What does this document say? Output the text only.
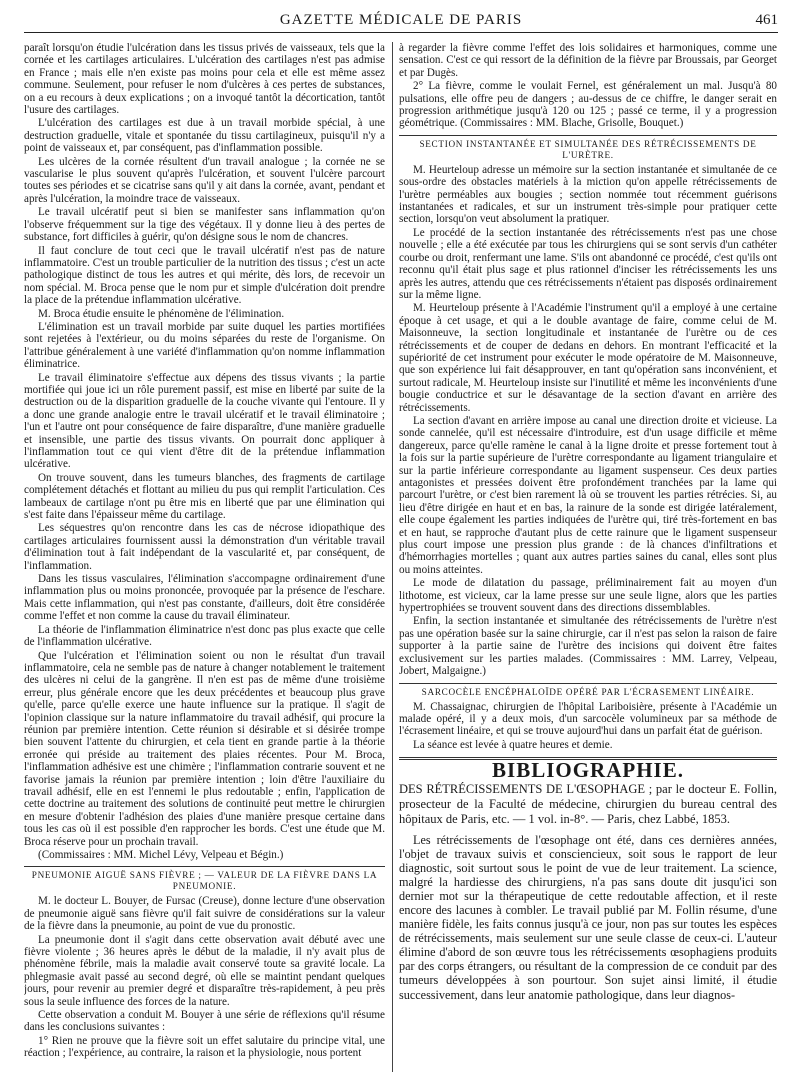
GAZETTE MÉDICALE DE PARIS	461

paraît lorsqu'on étudie l'ulcération dans les tissus privés de vaisseaux, tels que la cornée et les cartilages articulaires. L'ulcération des cartilages n'est pas admise en France ; mais elle n'en existe pas moins pour cela et elle est même assez commune. Seulement, pour refuser le nom d'ulcères à ces pertes de substances, on a eu recours à deux explications ; on a invoqué tantôt la décortication, tantôt l'usure des cartilages.

L'ulcération des cartilages est due à un travail morbide spécial, à une destruction graduelle, vitale et spontanée du tissu cartilagineux, puisqu'il n'y a point de vaisseaux et, par conséquent, pas d'inflammation possible.

Les ulcères de la cornée résultent d'un travail analogue ; la cornée ne se vascularise le plus souvent qu'après l'ulcération, et souvent l'ulcère parcourt toutes ses périodes et se cicatrise sans qu'il y ait dans la cornée, avant, pendant et après l'ulcération, la moindre trace de vaisseaux.

Le travail ulcératif peut si bien se manifester sans inflammation qu'on l'observe fréquemment sur la tige des végétaux. Il y donne lieu à des pertes de substance, fort difficiles à guérir, qu'on désigne sous le nom de chancres.

Il faut conclure de tout ceci que le travail ulcératif n'est pas de nature inflammatoire. C'est un trouble particulier de la nutrition des tissus ; c'est un acte pathologique distinct de tous les autres et qui mérite, dès lors, de recevoir un nom spécial. M. Broca pense que le nom pur et simple d'ulcération doit prendre la place de la prétendue inflammation ulcérative.

M. Broca étudie ensuite le phénomène de l'élimination.

L'élimination est un travail morbide par suite duquel les parties mortifiées sont rejetées à l'extérieur, ou du moins séparées du reste de l'organisme. On l'attribue généralement à une variété d'inflammation qu'on nomme inflammation éliminatrice.

Le travail éliminatoire s'effectue aux dépens des tissus vivants ; la partie mortifiée qui joue ici un rôle purement passif, est mise en liberté par suite de la destruction ou de la disparition graduelle de la couche vivante qui l'entoure. Il y a donc une grande analogie entre le travail ulcératif et le travail éliminatoire ; l'un et l'autre ont pour conséquence de faire disparaître, d'une manière graduelle et insensible, une partie des tissus vivants. On pourrait donc appliquer à l'inflammation tout ce qui vient d'être dit de la prétendue inflammation ulcérative.

On trouve souvent, dans les tumeurs blanches, des fragments de cartilage complétement détachés et flottant au milieu du pus qui remplit l'articulation. Ces lambeaux de cartilage n'ont pu être mis en liberté que par une élimination qui s'est faite dans l'épaisseur même du cartilage.

Les séquestres qu'on rencontre dans les cas de nécrose idiopathique des cartilages articulaires fournissent aussi la démonstration d'un véritable travail d'élimination tout à fait indépendant de la vascularité et, par conséquent, de l'inflammation.

Dans les tissus vasculaires, l'élimination s'accompagne ordinairement d'une inflammation plus ou moins prononcée, provoquée par la présence de l'eschare. Mais cette inflammation, qui n'est pas constante, d'ailleurs, doit être considérée comme l'effet et non comme la cause du travail éliminateur.

La théorie de l'inflammation éliminatrice n'est donc pas plus exacte que celle de l'inflammation ulcérative.

Que l'ulcération et l'élimination soient ou non le résultat d'un travail inflammatoire, cela ne semble pas de nature à changer notablement le traitement des ulcères ni celui de la gangrène. Il n'en est pas de même d'une troisième erreur, plus générale encore que les deux précédentes et beaucoup plus grave qu'elle, parce qu'elle exerce une haute influence sur la pratique. Il s'agit de l'opinion classique sur la nature inflammatoire du travail adhésif, qui procure la réunion par première intention. Cette réunion si désirable et si désirée trompe bien souvent l'attente du chirurgien, et cela tient en grande partie à la théorie erronée qui préside au traitement des plaies récentes. Pour M. Broca, l'inflammation adhésive est une chimère ; l'inflammation contrarie souvent et ne favorise jamais la réunion par première intention ; loin d'être l'auxiliaire du travail adhésif, elle en est l'ennemi le plus redoutable ; enfin, l'application de cette doctrine au traitement des solutions de continuité peut mettre le chirurgien en mesure d'obtenir l'adhésion des plaies d'une manière presque certaine dans tous les cas où il est possible d'en rapprocher les bords. C'est une étude que M. Broca réserve pour un prochain travail.

(Commissaires : MM. Michel Lévy, Velpeau et Bégin.)

PNEUMONIE AIGUË SANS FIÈVRE ; — VALEUR DE LA FIÈVRE DANS LA PNEUMONIE.

M. le docteur L. Bouyer, de Fursac (Creuse), donne lecture d'une observation de pneumonie aiguë sans fièvre qu'il fait suivre de considérations sur la valeur de la fièvre dans la pneumonie, au point de vue du pronostic.

La pneumonie dont il s'agit dans cette observation avait débuté avec une fièvre violente ; 36 heures après le début de la maladie, il n'y avait plus de phénomène fébrile, mais la maladie avait conservé toute sa gravité locale. La phlegmasie avait passé au second degré, où elle se maintint pendant quelques jours, pour revenir au premier degré et disparaître très-rapidement, à peu près sous la seule influence des forces de la nature.

Cette observation a conduit M. Bouyer à une série de réflexions qu'il résume dans les conclusions suivantes :

1° Rien ne prouve que la fièvre soit un effet salutaire du principe vital, une réaction ; l'expérience, au contraire, la raison et la physiologie, nous portent

à regarder la fièvre comme l'effet des lois solidaires et harmoniques, comme une sensation. C'est ce qui ressort de la définition de la fièvre par Broussais, par Georget et par Dugès.

2° La fièvre, comme le voulait Fernel, est généralement un mal. Jusqu'à 80 pulsations, elle offre peu de dangers ; au-dessus de ce chiffre, le danger serait en progression arithmétique jusqu'à 120 ou 125 ; passé ce terme, il y a progression géométrique. (Commissaires : MM. Blache, Grisolle, Bouquet.)

SECTION INSTANTANÉE ET SIMULTANÉE DES RÉTRÉCISSEMENTS DE L'URÈTRE.

M. Heurteloup adresse un mémoire sur la section instantanée et simultanée de ce sous-ordre des obstacles matériels à la miction qu'on appelle rétrécissements de l'urètre perméables aux bougies ; section nommée tout récemment guérisons instantanées et radicales, et sur un instrument très-simple pour pratiquer cette section, lorsqu'on veut absolument la pratiquer.

Le procédé de la section instantanée des rétrécissements n'est pas une chose nouvelle ; elle a été exécutée par tous les chirurgiens qui se sont servis d'un cathéter courbe ou droit, renfermant une lame. S'ils ont abandonné ce procédé, c'est qu'ils ont reconnu qu'il était plus sage et plus rationnel d'inciser les rétrécissements les uns après les autres, attendu que ces rétrécissements n'étaient pas disposés ordinairement sur la même ligne.

M. Heurteloup présente à l'Académie l'instrument qu'il a employé à une certaine époque à cet usage, et qui a le double avantage de faire, comme celui de M. Maisonneuve, la section longitudinale et instantanée de l'urètre ou de ces rétrécissements et de couper de dedans en dehors. En montrant l'efficacité et la supériorité de cet instrument pour exécuter le mode opératoire de M. Maisonneuve, que son expérience lui fait désapprouver, en tant qu'opération sans inconvénient, et surtout radicale, M. Heurteloup insiste sur l'inutilité et même les inconvénients d'une bougie conductrice et sur le désavantage de la section d'avant en arrière des rétrécissements.

La section d'avant en arrière impose au canal une direction droite et vicieuse. La sonde cannelée, qu'il est nécessaire d'introduire, est d'un usage difficile et même dangereux, parce qu'elle ramène le canal à la ligne droite et presse fortement tout à la fois sur la partie supérieure de l'urètre correspondante au ligament triangulaire et sur la partie inférieure correspondante au ligament suspenseur. Ces deux parties antagonistes et pressées doivent être profondément tranchées par la lame qui parcourt l'urètre, or c'est bien rarement là où se trouvent les parties rétrécies. Si, au lieu d'être dirigée en haut et en bas, la rainure de la sonde est dirigée latéralement, elle coupe également les parties indiquées de l'urètre qui, tiré très-fortement en bas et en haut, se rapproche d'autant plus de cette rainure que le ligament suspenseur plus court impose une pression plus grande : de là chances d'infiltrations et d'hémorrhagies mortelles ; quant aux autres parties saines du canal, elles sont plus ou moins atteintes.

Le mode de dilatation du passage, préliminairement fait au moyen d'un lithotome, est vicieux, car la lame presse sur une seule ligne, alors que les parties hypertrophiées se trouvent souvent dans des directions dissemblables.

Enfin, la section instantanée et simultanée des rétrécissements de l'urètre n'est pas une opération basée sur la saine chirurgie, car il n'est pas selon la raison de faire supporter à la partie saine de l'urètre des incisions qui doivent être faites exclusivement sur les parties malades. (Commissaires : MM. Larrey, Velpeau, Jobert, Malgaigne.)

SARCOCÈLE ENCÉPHALOÏDE OPÉRÉ PAR L'ÉCRASEMENT LINÉAIRE.

M. Chassaignac, chirurgien de l'hôpital Lariboisière, présente à l'Académie un malade opéré, il y a deux mois, d'un sarcocèle volumineux par sa méthode de l'écrasement linéaire, et qui se trouve aujourd'hui dans un parfait état de guérison.

La séance est levée à quatre heures et demie.

BIBLIOGRAPHIE.

DES RÉTRÉCISSEMENTS DE L'ŒSOPHAGE ; par le docteur E. Follin, prosecteur de la Faculté de médecine, chirurgien du bureau central des hôpitaux de Paris, etc. — 1 vol. in-8°. — Paris, chez Labbé, 1853.

Les rétrécissements de l'œsophage ont été, dans ces dernières années, l'objet de travaux suivis et consciencieux, soit sous le rapport de leur diagnostic, soit surtout sous le point de vue de leur traitement. La science, malgré la hardiesse des chirurgiens, n'a pas sans doute dit jusqu'ici son dernier mot sur la thérapeutique de cette redoutable affection, et il reste encore des lacunes à combler. Le travail publié par M. Follin résume, d'une manière fidèle, les faits connus jusqu'à ce jour, non pas sur toutes les espèces de rétrécissements, mais seulement sur une seule classe de ceux-ci. L'auteur élimine d'abord de son œuvre tous les rétrécissements œsophagiens produits par des corps étrangers, ou résultant de la compression de ce conduit par des tumeurs développées à son pourtour. Son sujet ainsi limité, il étudie successivement, dans leur anatomie pathologique, dans leur diagnos-
